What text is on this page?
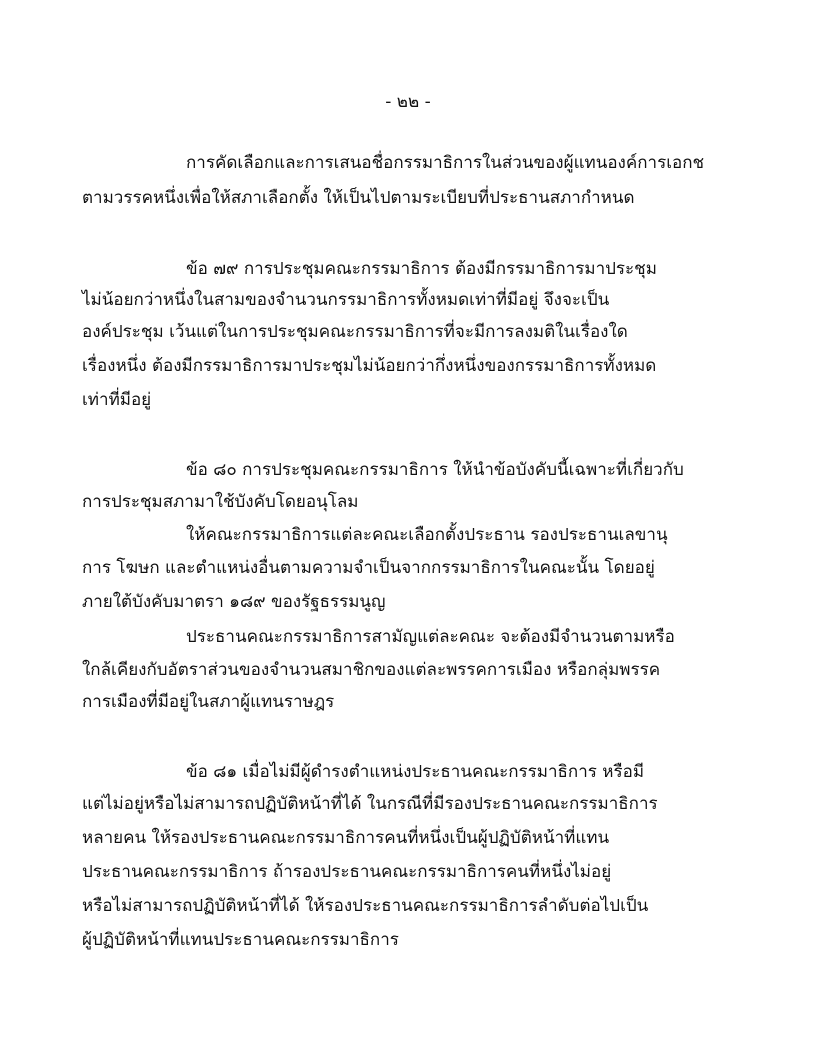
- ๒๒ -
การคัดเลือกและการเสนอชื่อกรรมาธิการในส่วนของผู้แทนองค์การเอกช
ตามวรรคหนึ่งเพื่อให้สภาเลือกตั้ง ให้เป็นไปตามระเบียบที่ประธานสภากำหนด
ข้อ ๗๙ การประชุมคณะกรรมาธิการ ต้องมีกรรมาธิการมาประชุม
ไม่น้อยกว่าหนึ่งในสามของจำนวนกรรมาธิการทั้งหมดเท่าที่มีอยู่ จึงจะเป็น
องค์ประชุม เว้นแต่ในการประชุมคณะกรรมาธิการที่จะมีการลงมติในเรื่องใด
เรื่องหนึ่ง ต้องมีกรรมาธิการมาประชุมไม่น้อยกว่ากึ่งหนึ่งของกรรมาธิการทั้งหมด
เท่าที่มีอยู่
ข้อ ๘๐ การประชุมคณะกรรมาธิการ ให้นำข้อบังคับนี้เฉพาะที่เกี่ยวกับ
การประชุมสภามาใช้บังคับโดยอนุโลม
ให้คณะกรรมาธิการแต่ละคณะเลือกตั้งประธาน รองประธานเลขานุ
การ โฆษก และตำแหน่งอื่นตามความจำเป็นจากกรรมาธิการในคณะนั้น โดยอยู่
ภายใต้บังคับมาตรา ๑๘๙ ของรัฐธรรมนูญ
ประธานคณะกรรมาธิการสามัญแต่ละคณะ จะต้องมีจำนวนตามหรือ
ใกล้เคียงกับอัตราส่วนของจำนวนสมาชิกของแต่ละพรรคการเมือง หรือกลุ่มพรรค
การเมืองที่มีอยู่ในสภาผู้แทนราษฎร
ข้อ ๘๑ เมื่อไม่มีผู้ดำรงตำแหน่งประธานคณะกรรมาธิการ หรือมี
แต่ไม่อยู่หรือไม่สามารถปฏิบัติหน้าที่ได้ ในกรณีที่มีรองประธานคณะกรรมาธิการ
หลายคน ให้รองประธานคณะกรรมาธิการคนที่หนึ่งเป็นผู้ปฏิบัติหน้าที่แทน
ประธานคณะกรรมาธิการ ถ้ารองประธานคณะกรรมาธิการคนที่หนึ่งไม่อยู่
หรือไม่สามารถปฏิบัติหน้าที่ได้ ให้รองประธานคณะกรรมาธิการลำดับต่อไปเป็น
ผู้ปฏิบัติหน้าที่แทนประธานคณะกรรมาธิการ
